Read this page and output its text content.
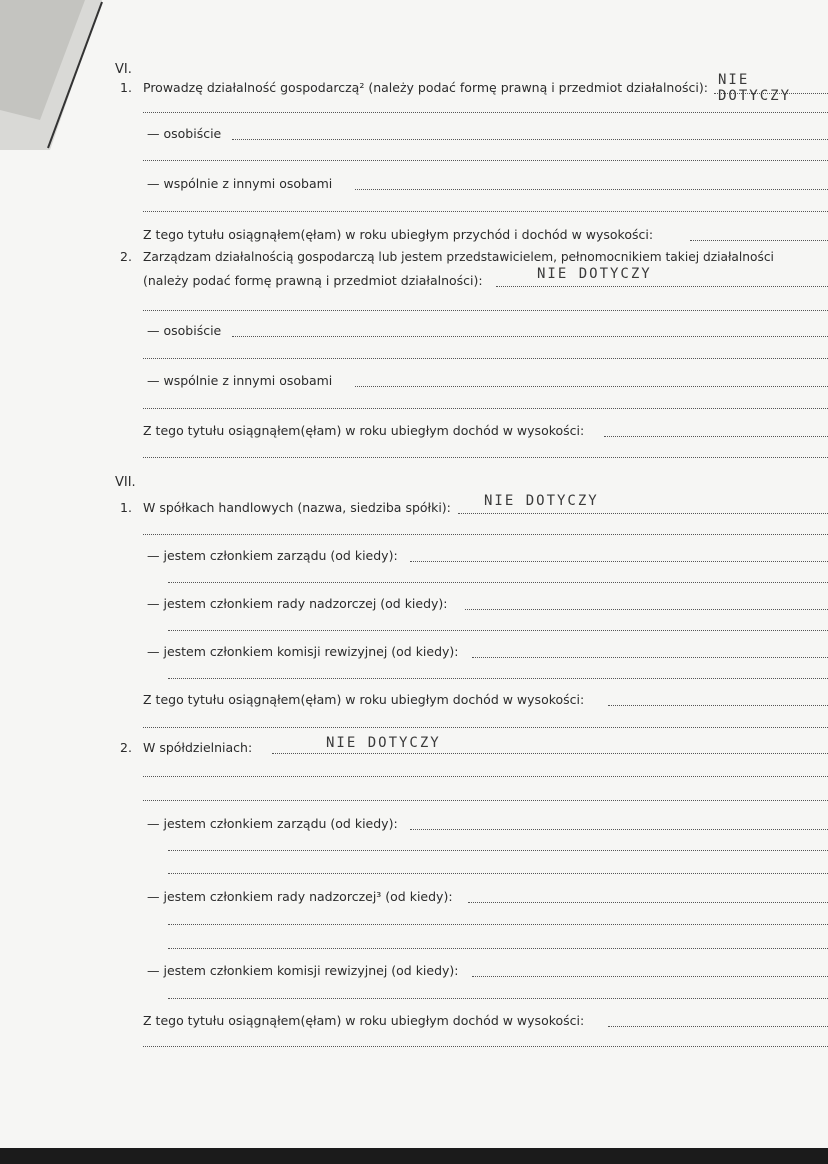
VI.
1. Prowadzę działalność gospodarczą² (należy podać formę prawną i przedmiot działalności): NIE DOTYCZY
— osobiście
— wspólnie z innymi osobami
Z tego tytułu osiągnąłem(ęłam) w roku ubiegłym przychód i dochód w wysokości:
2. Zarządzam działalnością gospodarczą lub jestem przedstawicielem, pełnomocnikiem takiej działalności
(należy podać formę prawną i przedmiot działalności):	NIE DOTYCZY
— osobiście
— wspólnie z innymi osobami
Z tego tytułu osiągnąłem(ęłam) w roku ubiegłym dochód w wysokości:
VII.
1. W spółkach handlowych (nazwa, siedziba spółki): NIE DOTYCZY
— jestem członkiem zarządu (od kiedy):
— jestem członkiem rady nadzorczej (od kiedy):
— jestem członkiem komisji rewizyjnej (od kiedy):
Z tego tytułu osiągnąłem(ęłam) w roku ubiegłym dochód w wysokości:
2. W spółdzielniach:	NIE DOTYCZY
— jestem członkiem zarządu (od kiedy):
— jestem członkiem rady nadzorczej³ (od kiedy):
— jestem członkiem komisji rewizyjnej (od kiedy):
Z tego tytułu osiągnąłem(ęłam) w roku ubiegłym dochód w wysokości:
